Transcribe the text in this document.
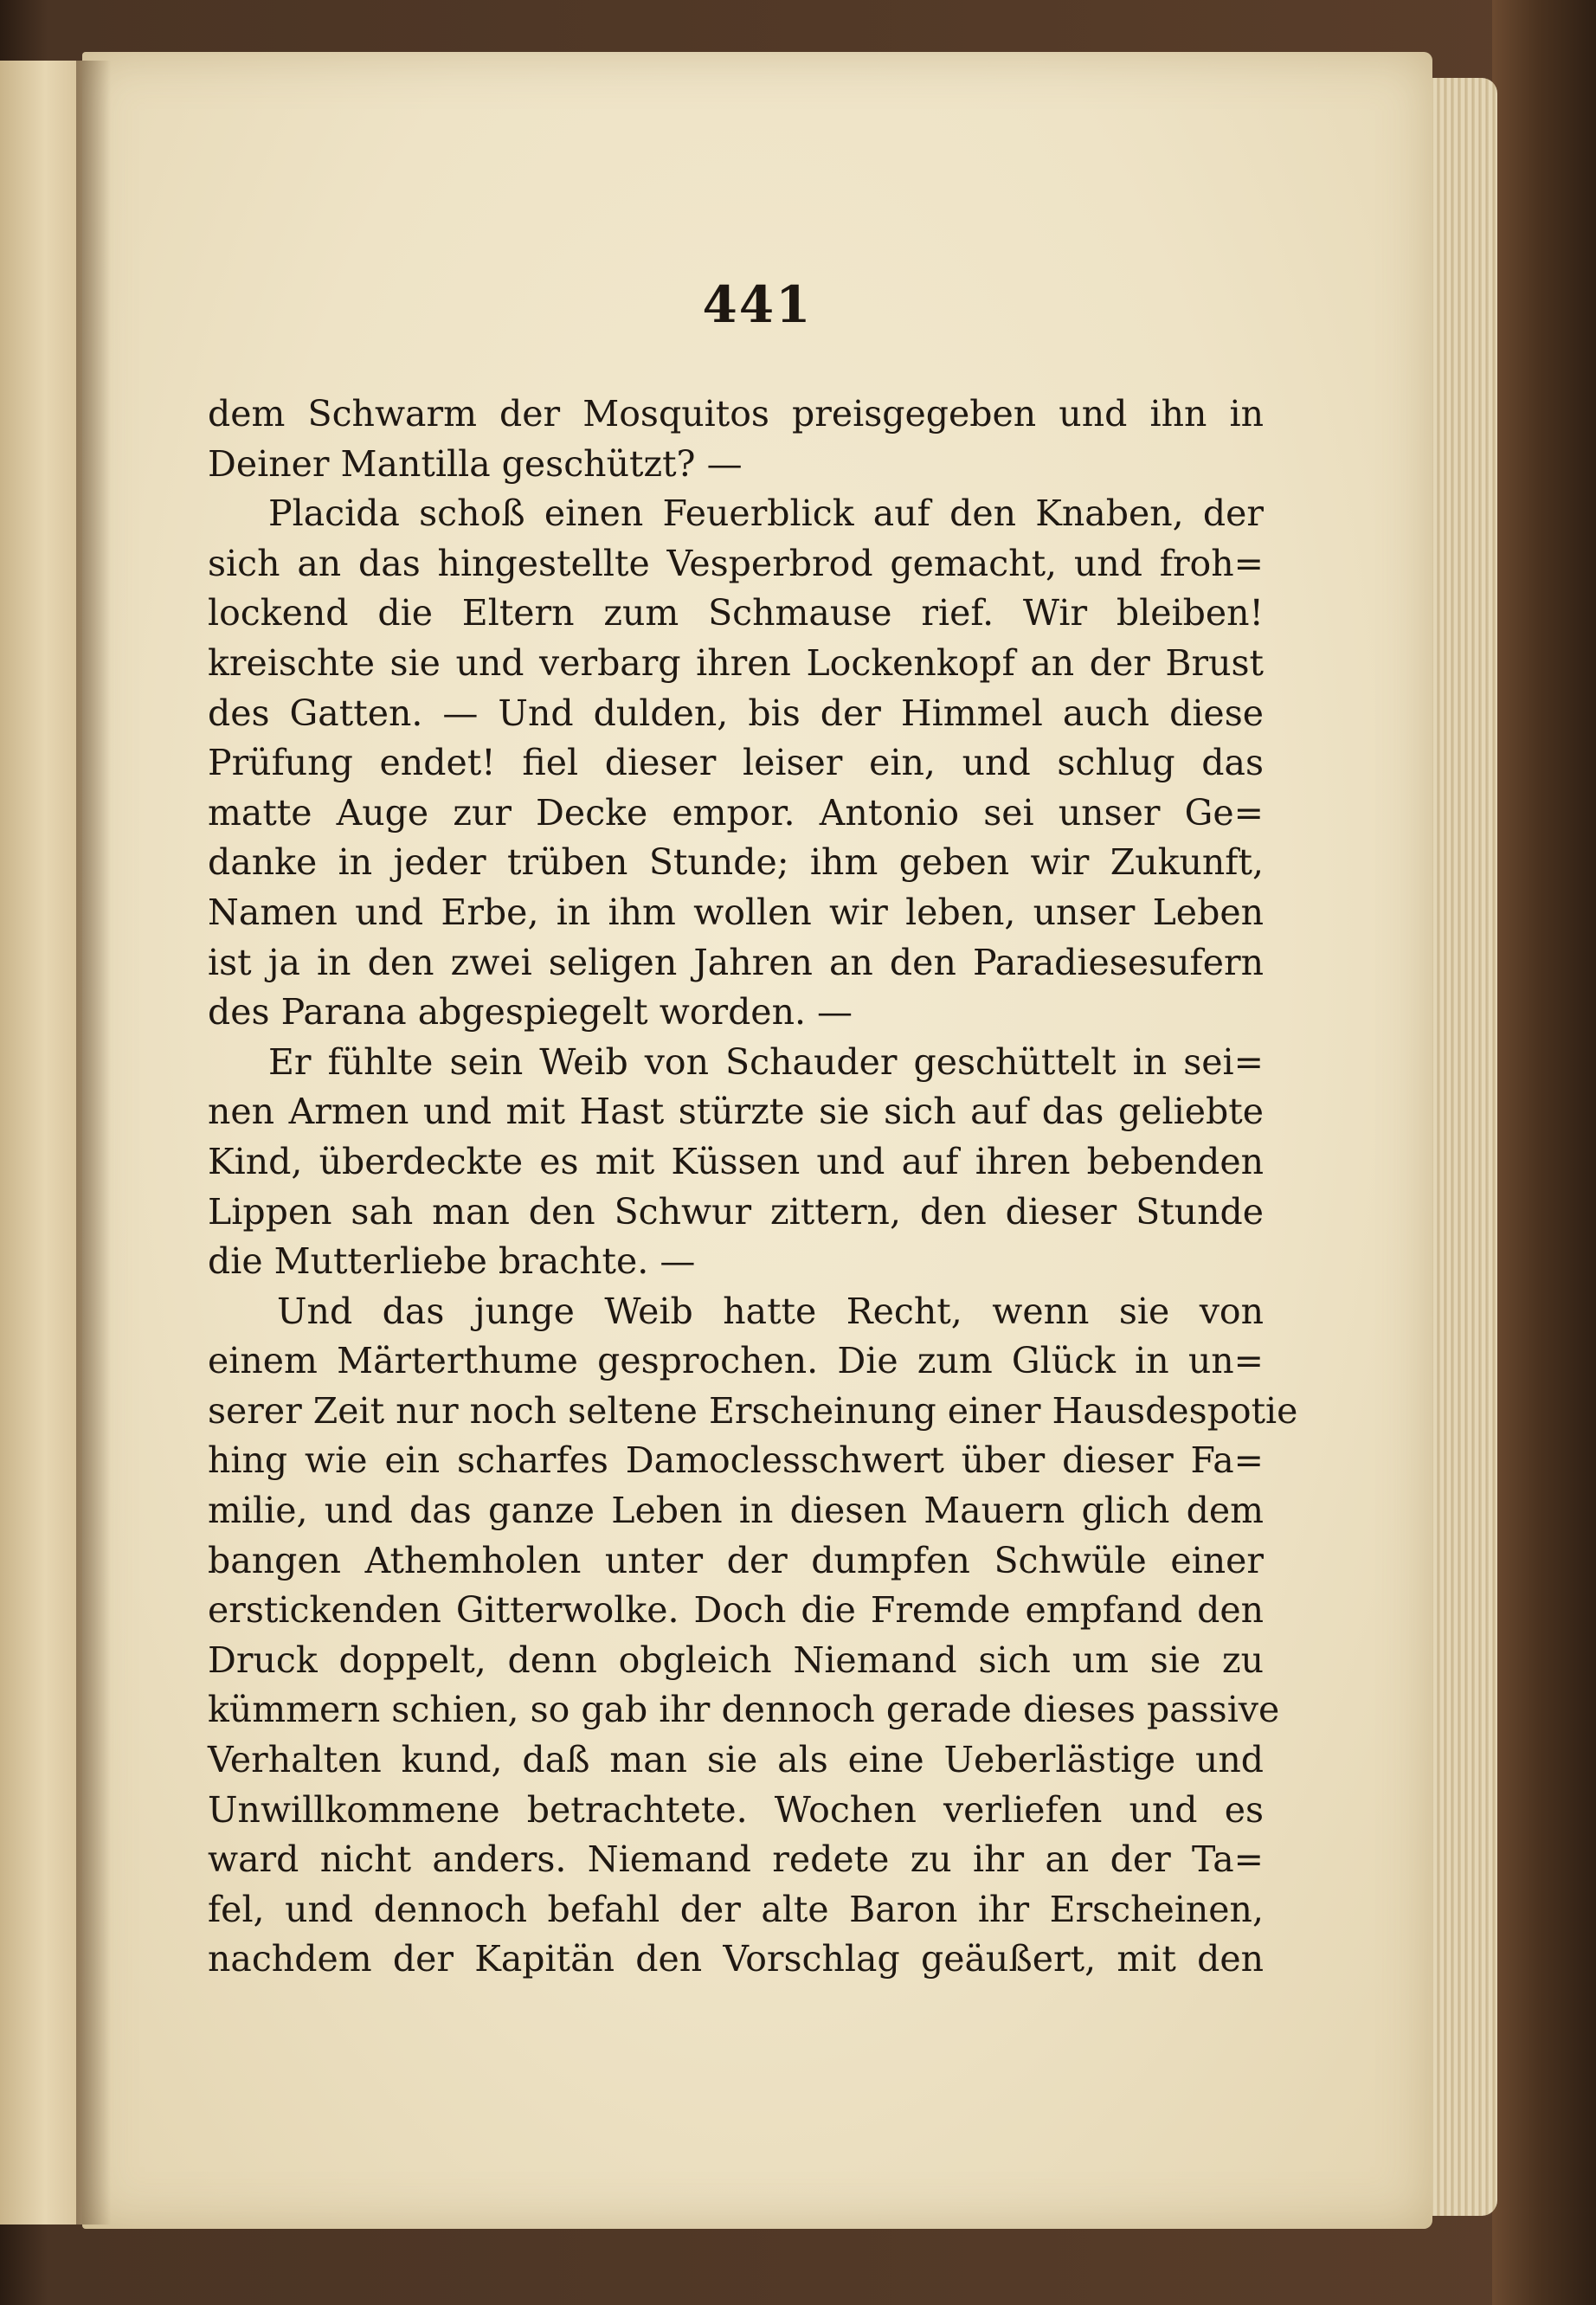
441
dem Schwarm der Mosquitos preisgegeben und ihn in
Deiner Mantilla geschützt? —
Placida schoß einen Feuerblick auf den Knaben, der
sich an das hingestellte Vesperbrod gemacht, und froh=
lockend die Eltern zum Schmause rief. Wir bleiben!
kreischte sie und verbarg ihren Lockenkopf an der Brust
des Gatten. — Und dulden, bis der Himmel auch diese
Prüfung endet! fiel dieser leiser ein, und schlug das
matte Auge zur Decke empor. Antonio sei unser Ge=
danke in jeder trüben Stunde; ihm geben wir Zukunft,
Namen und Erbe, in ihm wollen wir leben, unser Leben
ist ja in den zwei seligen Jahren an den Paradiesesufern
des Parana abgespiegelt worden. —
Er fühlte sein Weib von Schauder geschüttelt in sei=
nen Armen und mit Hast stürzte sie sich auf das geliebte
Kind, überdeckte es mit Küssen und auf ihren bebenden
Lippen sah man den Schwur zittern, den dieser Stunde
die Mutterliebe brachte. —
Und das junge Weib hatte Recht, wenn sie von
einem Märterthume gesprochen. Die zum Glück in un=
serer Zeit nur noch seltene Erscheinung einer Hausdespotie
hing wie ein scharfes Damoclesschwert über dieser Fa=
milie, und das ganze Leben in diesen Mauern glich dem
bangen Athemholen unter der dumpfen Schwüle einer
erstickenden Gitterwolke. Doch die Fremde empfand den
Druck doppelt, denn obgleich Niemand sich um sie zu
kümmern schien, so gab ihr dennoch gerade dieses passive
Verhalten kund, daß man sie als eine Ueberlästige und
Unwillkommene betrachtete. Wochen verliefen und es
ward nicht anders. Niemand redete zu ihr an der Ta=
fel, und dennoch befahl der alte Baron ihr Erscheinen,
nachdem der Kapitän den Vorschlag geäußert, mit den
